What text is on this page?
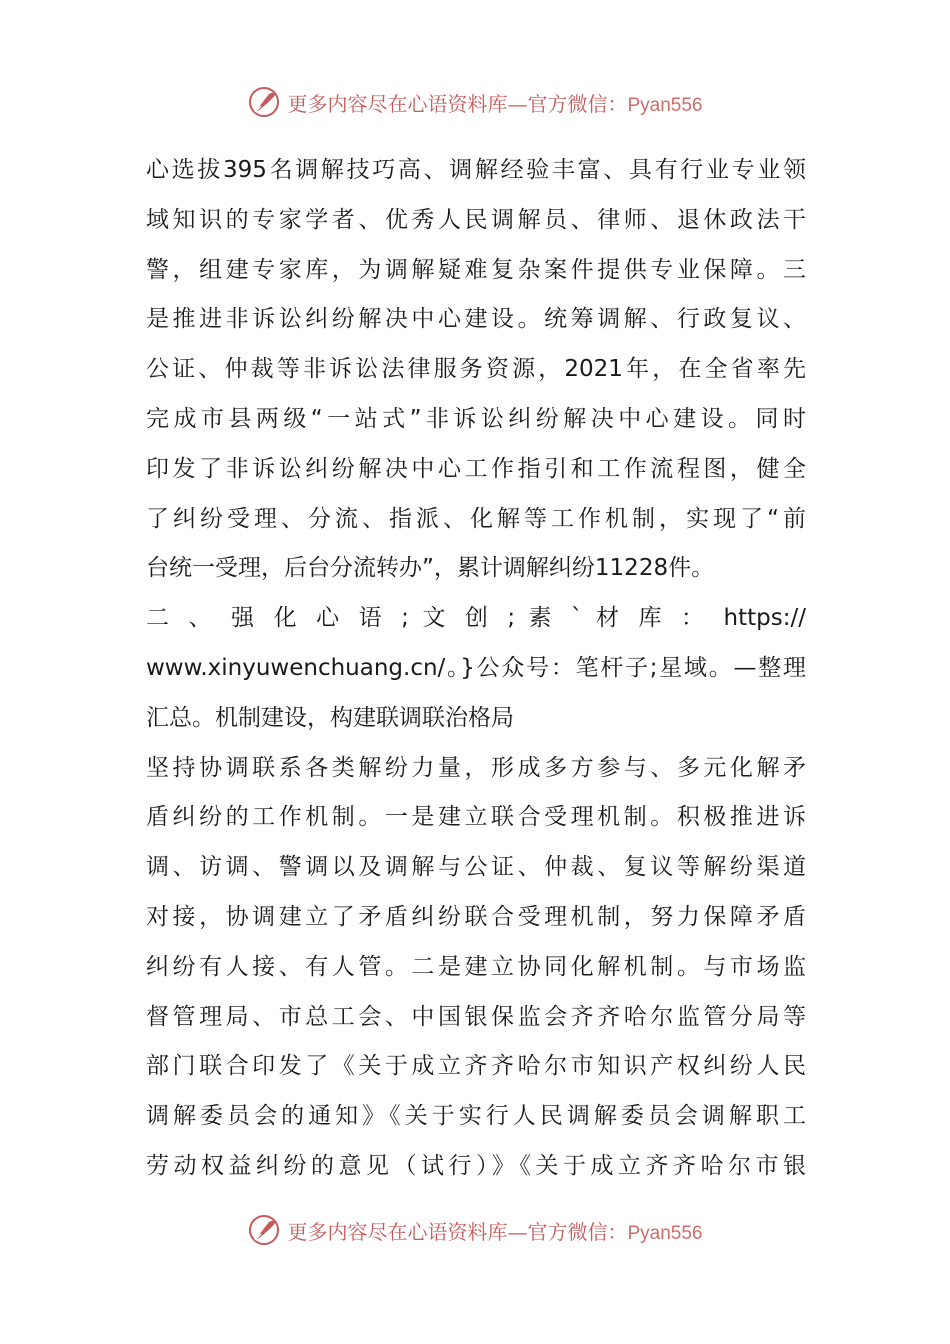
更多内容尽在心语资料库—官方微信：Pyan556
心选拔395名调解技巧高、调解经验丰富、具有行业专业领
域知识的专家学者、优秀人民调解员、律师、退休政法干
警，组建专家库，为调解疑难复杂案件提供专业保障。三
是推进非诉讼纠纷解决中心建设。统筹调解、行政复议、
公证、仲裁等非诉讼法律服务资源，2021年，在全省率先
完成市县两级“一站式”非诉讼纠纷解决中心建设。同时
印发了非诉讼纠纷解决中心工作指引和工作流程图，健全
了纠纷受理、分流、指派、化解等工作机制，实现了“前
台统一受理，后台分流转办”，累计调解纠纷11228件。
二 、 强 化 心 语 ; 文 创 ; 素 ` 材 库 ： https://
www.xinyuwenchuang.cn/。}公众号：笔杆子;星域。—整理
汇总。机制建设，构建联调联治格局
坚持协调联系各类解纷力量，形成多方参与、多元化解矛
盾纠纷的工作机制。一是建立联合受理机制。积极推进诉
调、访调、警调以及调解与公证、仲裁、复议等解纷渠道
对接，协调建立了矛盾纠纷联合受理机制，努力保障矛盾
纠纷有人接、有人管。二是建立协同化解机制。与市场监
督管理局、市总工会、中国银保监会齐齐哈尔监管分局等
部门联合印发了《关于成立齐齐哈尔市知识产权纠纷人民
调解委员会的通知》《关于实行人民调解委员会调解职工
劳动权益纠纷的意见（试行）》《关于成立齐齐哈尔市银
更多内容尽在心语资料库—官方微信：Pyan556
